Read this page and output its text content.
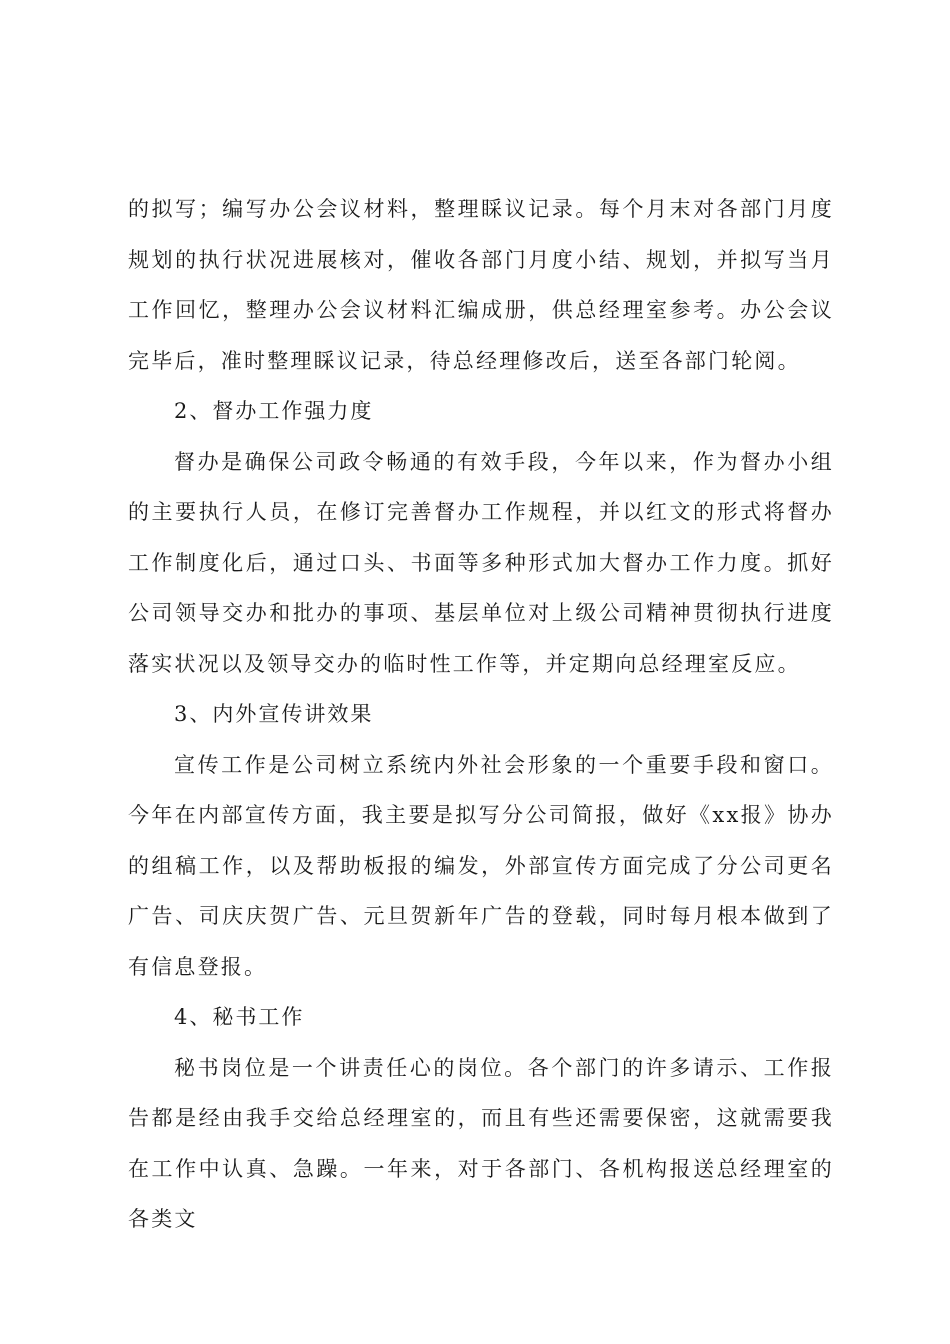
的拟写；编写办公会议材料，整理睬议记录。每个月末对各部门月度规划的执行状况进展核对，催收各部门月度小结、规划，并拟写当月工作回忆，整理办公会议材料汇编成册，供总经理室参考。办公会议完毕后，准时整理睬议记录，待总经理修改后，送至各部门轮阅。

2、督办工作强力度

督办是确保公司政令畅通的有效手段，今年以来，作为督办小组的主要执行人员，在修订完善督办工作规程，并以红文的形式将督办工作制度化后，通过口头、书面等多种形式加大督办工作力度。抓好公司领导交办和批办的事项、基层单位对上级公司精神贯彻执行进度落实状况以及领导交办的临时性工作等，并定期向总经理室反应。

3、内外宣传讲效果

宣传工作是公司树立系统内外社会形象的一个重要手段和窗口。今年在内部宣传方面，我主要是拟写分公司简报，做好《xx报》协办的组稿工作，以及帮助板报的编发，外部宣传方面完成了分公司更名广告、司庆庆贺广告、元旦贺新年广告的登载，同时每月根本做到了有信息登报。

4、秘书工作

秘书岗位是一个讲责任心的岗位。各个部门的许多请示、工作报告都是经由我手交给总经理室的，而且有些还需要保密，这就需要我在工作中认真、急躁。一年来，对于各部门、各机构报送总经理室的各类文
